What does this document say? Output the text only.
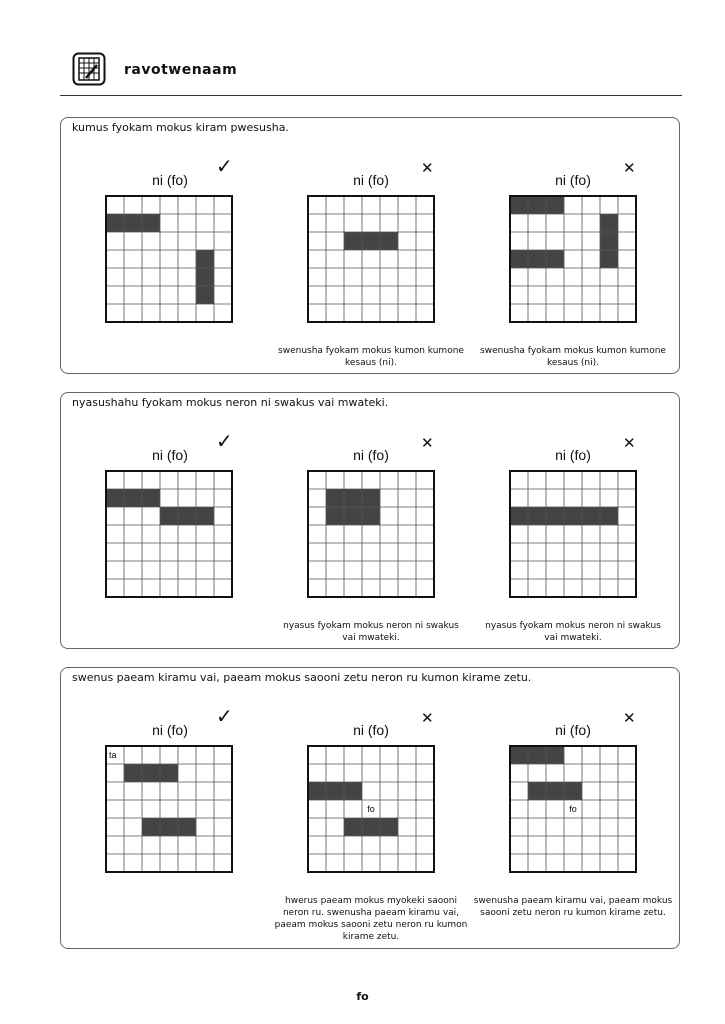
ravotwenaam
kumus fyokam mokus kiram pwesusha.
ni (fo)
✓
ni (fo)
✕
swenusha fyokam mokus kumon kumone kesaus (ni).
ni (fo)
✕
swenusha fyokam mokus kumon kumone kesaus (ni).
nyasushahu fyokam mokus neron ni swakus vai mwateki.
ni (fo)
✓
ni (fo)
✕
nyasus fyokam mokus neron ni swakus vai mwateki.
ni (fo)
✕
nyasus fyokam mokus neron ni swakus vai mwateki.
swenus paeam kiramu vai, paeam mokus saooni zetu neron ru kumon kirame zetu.
ni (fo)
✓
ta
ni (fo)
✕
fo
hwerus paeam mokus myokeki saooni neron ru. swenusha paeam kiramu vai, paeam mokus saooni zetu neron ru kumon kirame zetu.
ni (fo)
✕
fo
swenusha paeam kiramu vai, paeam mokus saooni zetu neron ru kumon kirame zetu.
fo
